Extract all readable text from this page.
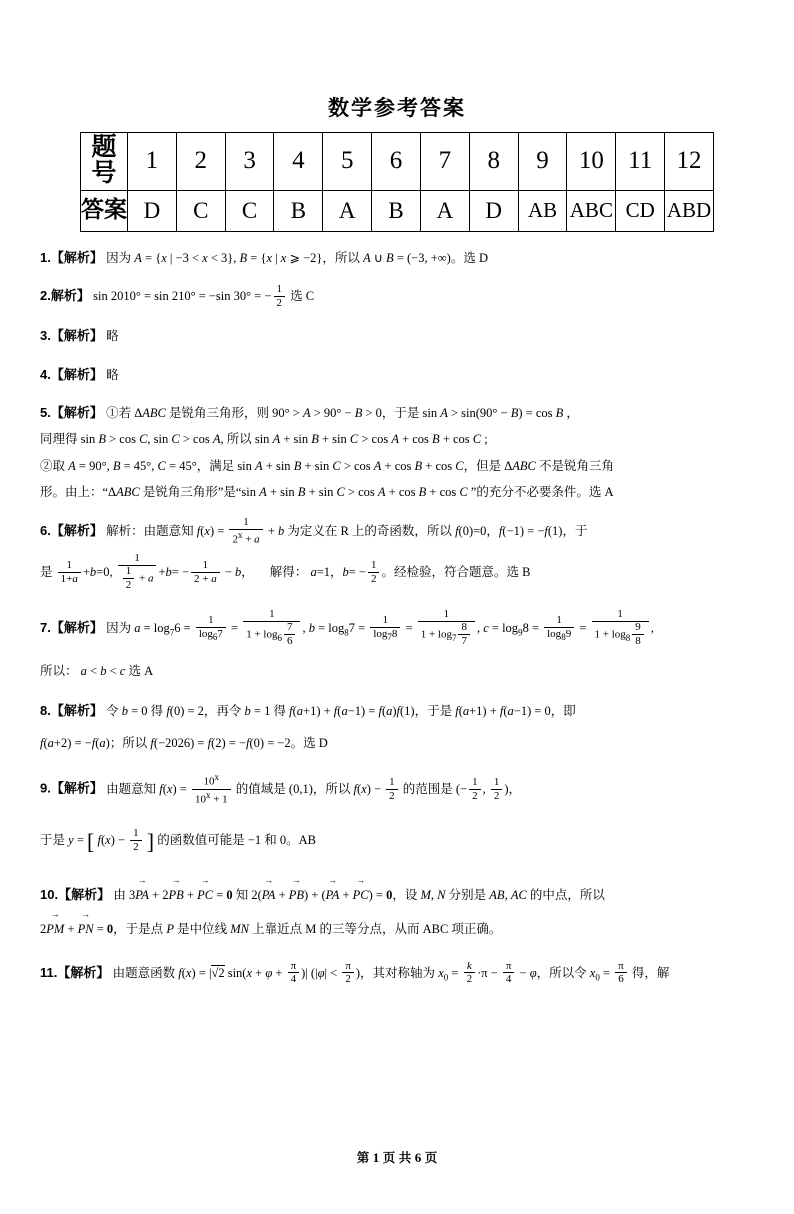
数学参考答案
题号	1	2	3	4	5	6	7	8	9	10	11	12
答案	D	C	C	B	A	B	A	D	AB	ABC	CD	ABD
1.【解析】 因为 A = {x | −3 < x < 3}, B = {x | x ⩾ −2}，所以 A ∪ B = (−3, +∞)。选 D
2.解析】 sin 2010° = sin 210° = −sin 30° = − $\frac{1}{2}$ 选 C
3.【解析】 略
4.【解析】 略
5.【解析】 ①若 ΔABC 是锐角三角形，则 90° > A > 90° − B > 0，于是 sin A > sin(90° − B) = cos B ，
同理得 sin B > cos C, sin C > cos A, 所以 sin A + sin B + sin C > cos A + cos B + cos C ;
②取 A = 90°, B = 45°, C = 45°，满足 sin A + sin B + sin C > cos A + cos B + cos C，但是 ΔABC 不是锐角三角
形。由上：“ΔABC 是锐角三角形”是“sin A + sin B + sin C > cos A + cos B + cos C ”的充分不必要条件。选 A
6.【解析】 解析：由题意知 $f(x) = \frac{1}{2^x + a} + b$ 为定义在 R 上的奇函数，所以 f(0)=0，f(−1) = −f(1)，于
是 $\frac{1}{1+a} +b=0$, $\frac{1}{\frac{1}{2} + a} +b= - \frac{1}{2 + a} - b$， 解得： a=1，$b= - \frac{1}{2}$ 。经检验，符合题意。选 B
7.【解析】 因为 $a = \log_76 = \frac{1}{\log_67} = \frac{1}{1 + \log_6 \frac{7}{6}}$ , $b = \log_87 = \frac{1}{\log_78} = \frac{1}{1 + \log_7 \frac{8}{7}}$ , $c = \log_98 = \frac{1}{\log_89} = \frac{1}{1 + \log_8 \frac{9}{8}}$ ,
所以： a < b < c 选 A
8.【解析】 令 b = 0 得 f(0) = 2，再令 b = 1 得 f(a+1) + f(a−1) = f(a)f(1)，于是 f(a+1) + f(a−1) = 0，即
f(a+2) = −f(a)；所以 f(−2026) = f(2) = −f(0) = −2。选 D
9.【解析】 由题意知 $f(x) = \frac{10^x}{10^x + 1}$ 的值域是 (0,1)，所以 $f(x) - \frac{1}{2}$ 的范围是 (− $\frac{1}{2}$ , $\frac{1}{2}$ )，
于是 y = [ $f(x) - \frac{1}{2}$ ] 的函数值可能是 −1 和 0。AB
10.【解析】 由 3PA → + 2PB → + PC → = 0 知 2(PA → + PB →) + (PA → + PC →) = 0，设 M, N 分别是 AB, AC 的中点，所以
2PM → + PN → = 0，于是点 P 是中位线 MN 上靠近点 M 的三等分点，从而 ABC 项正确。
11.【解析】 由题意函数 f(x) = |√2 $\sin(x + \varphi + \frac{\pi}{4}$ )| ($|\varphi| < \frac{\pi}{2}$ )，其对称轴为 $x_0 = \frac{k}{2} \cdot\pi - \frac{\pi}{4} - \varphi$，所以令 $x_0 = \frac{\pi}{6}$ 得，解
第 1 页 共 6 页
